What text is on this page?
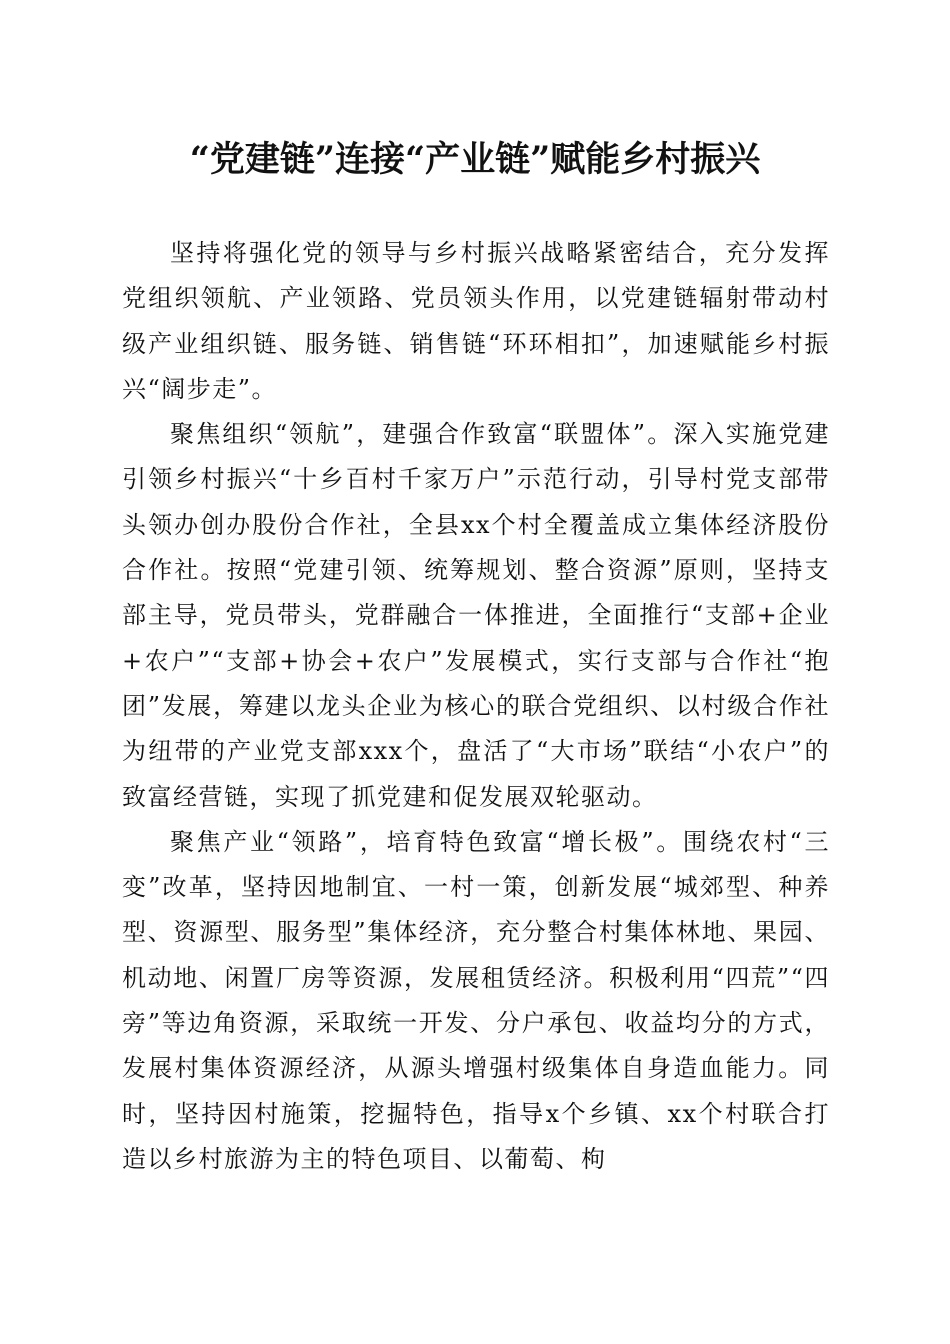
“党建链”连接“产业链”赋能乡村振兴

坚持将强化党的领导与乡村振兴战略紧密结合，充分发挥党组织领航、产业领路、党员领头作用，以党建链辐射带动村级产业组织链、服务链、销售链“环环相扣”，加速赋能乡村振兴“阔步走”。

聚焦组织“领航”，建强合作致富“联盟体”。深入实施党建引领乡村振兴“十乡百村千家万户”示范行动，引导村党支部带头领办创办股份合作社，全县xx个村全覆盖成立集体经济股份合作社。按照“党建引领、统筹规划、整合资源”原则，坚持支部主导，党员带头，党群融合一体推进，全面推行“支部+企业+农户”“支部+协会+农户”发展模式，实行支部与合作社“抱团”发展，筹建以龙头企业为核心的联合党组织、以村级合作社为纽带的产业党支部xxx个，盘活了“大市场”联结“小农户”的致富经营链，实现了抓党建和促发展双轮驱动。

聚焦产业“领路”，培育特色致富“增长极”。围绕农村“三变”改革，坚持因地制宜、一村一策，创新发展“城郊型、种养型、资源型、服务型”集体经济，充分整合村集体林地、果园、机动地、闲置厂房等资源，发展租赁经济。积极利用“四荒”“四旁”等边角资源，采取统一开发、分户承包、收益均分的方式，发展村集体资源经济，从源头增强村级集体自身造血能力。同时，坚持因村施策，挖掘特色，指导x个乡镇、xx个村联合打造以乡村旅游为主的特色项目、以葡萄、枸
